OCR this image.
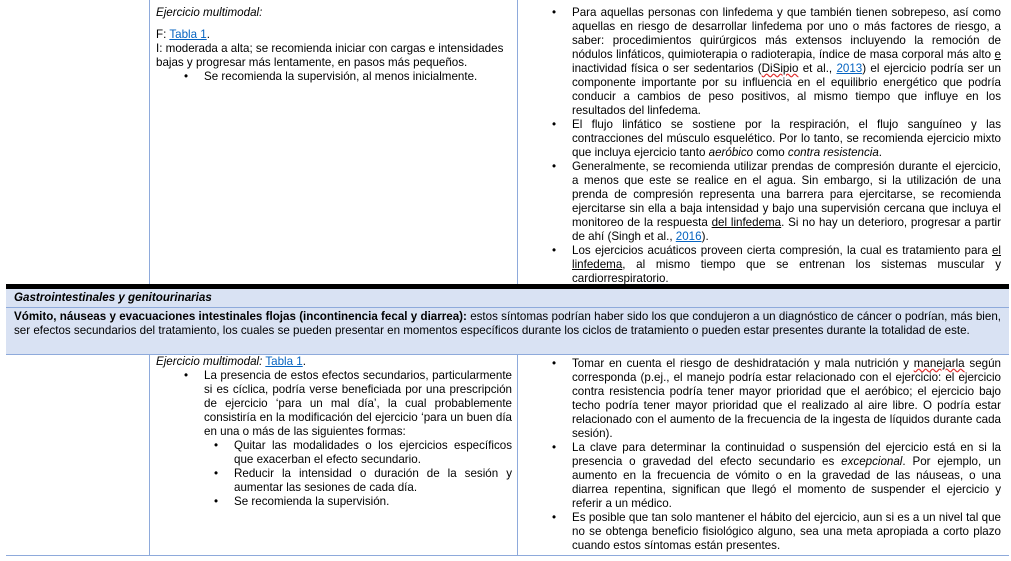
Gastrointestinales y genitourinarias

Vómito, náuseas y evacuaciones intestinales flojas (incontinencia fecal y diarrea): estos síntomas podrían haber sido los que condujeron a un diagnóstico de cáncer o podrían, más bien, ser efectos secundarios del tratamiento, los cuales se pueden presentar en momentos específicos durante los ciclos de tratamiento o pueden estar presentes durante la totalidad de este.

Ejercicio multimodal:

F: Tabla 1.

I: moderada a alta; se recomienda iniciar con cargas e intensidades bajas y progresar más lentamente, en pasos más pequeños.

• Se recomienda la supervisión, al menos inicialmente.
• Para aquellas personas con linfedema y que también tienen sobrepeso, así como aquellas en riesgo de desarrollar linfedema por uno o más factores de riesgo, a saber: procedimientos quirúrgicos más extensos incluyendo la remoción de nódulos linfáticos, quimioterapia o radioterapia, índice de masa corporal más alto e inactividad física o ser sedentarios (DiSipio et al., 2013) el ejercicio podría ser un componente importante por su influencia en el equilibrio energético que podría conducir a cambios de peso positivos, al mismo tiempo que influye en los resultados del linfedema.
• El flujo linfático se sostiene por la respiración, el flujo sanguíneo y las contracciones del músculo esquelético. Por lo tanto, se recomienda ejercicio mixto que incluya ejercicio tanto aeróbico como contra resistencia.
• Generalmente, se recomienda utilizar prendas de compresión durante el ejercicio, a menos que este se realice en el agua. Sin embargo, si la utilización de una prenda de compresión representa una barrera para ejercitarse, se recomienda ejercitarse sin ella a baja intensidad y bajo una supervisión cercana que incluya el monitoreo de la respuesta del linfedema. Si no hay un deterioro, progresar a partir de ahí (Singh et al., 2016).
• Los ejercicios acuáticos proveen cierta compresión, la cual es tratamiento para el linfedema, al mismo tiempo que se entrenan los sistemas muscular y cardiorrespiratorio.

Ejercicio multimodal: Tabla 1.

• La presencia de estos efectos secundarios, particularmente si es cíclica, podría verse beneficiada por una prescripción de ejercicio ‘para un mal día’, la cual probablemente consistiría en la modificación del ejercicio ‘para un buen día en una o más de las siguientes formas:
• Quitar las modalidades o los ejercicios específicos que exacerban el efecto secundario.
• Reducir la intensidad o duración de la sesión y aumentar las sesiones de cada día.
• Se recomienda la supervisión.
• Tomar en cuenta el riesgo de deshidratación y mala nutrición y manejarla según corresponda (p.ej., el manejo podría estar relacionado con el ejercicio: el ejercicio contra resistencia podría tener mayor prioridad que el aeróbico; el ejercicio bajo techo podría tener mayor prioridad que el realizado al aire libre. O podría estar relacionado con el aumento de la frecuencia de la ingesta de líquidos durante cada sesión).
• La clave para determinar la continuidad o suspensión del ejercicio está en si la presencia o gravedad del efecto secundario es excepcional. Por ejemplo, un aumento en la frecuencia de vómito o en la gravedad de las náuseas, o una diarrea repentina, significan que llegó el momento de suspender el ejercicio y referir a un médico.
• Es posible que tan solo mantener el hábito del ejercicio, aun si es a un nivel tal que no se obtenga beneficio fisiológico alguno, sea una meta apropiada a corto plazo cuando estos síntomas están presentes.
